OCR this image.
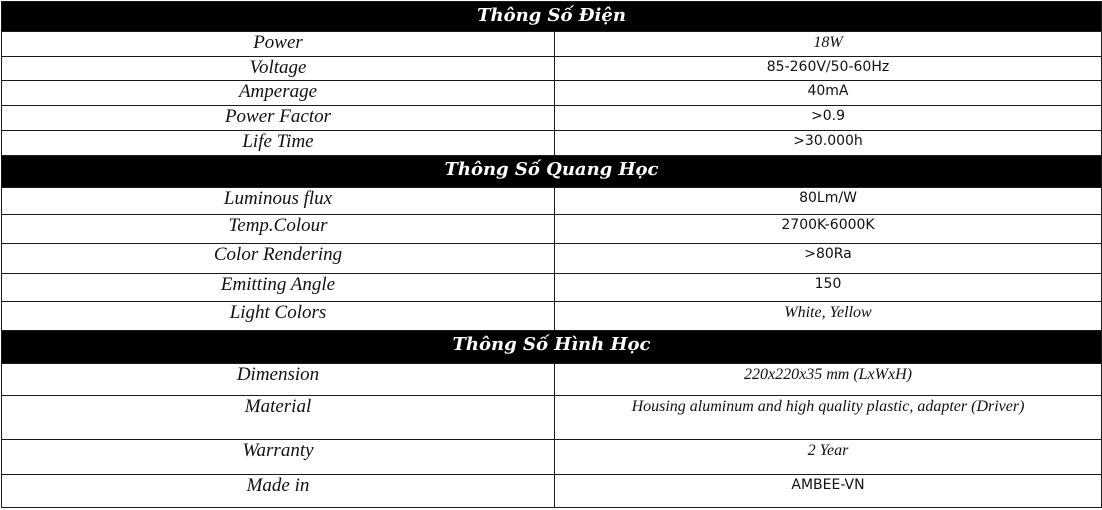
Thông Số Điện	
Power	18W
Voltage	85-260V/50-60Hz
Amperage	40mA
Power Factor	>0.9
Life Time	>30.000h
Thông Số Quang Học	
Luminous flux	80Lm/W
Temp.Colour	2700K-6000K
Color Rendering	>80Ra
Emitting Angle	150
Light Colors	White, Yellow
Thông Số Hình Học	
Dimension	220x220x35 mm (LxWxH)
Material	Housing aluminum and high quality plastic, adapter (Driver)
Warranty	2 Year
Made in	AMBEE-VN
